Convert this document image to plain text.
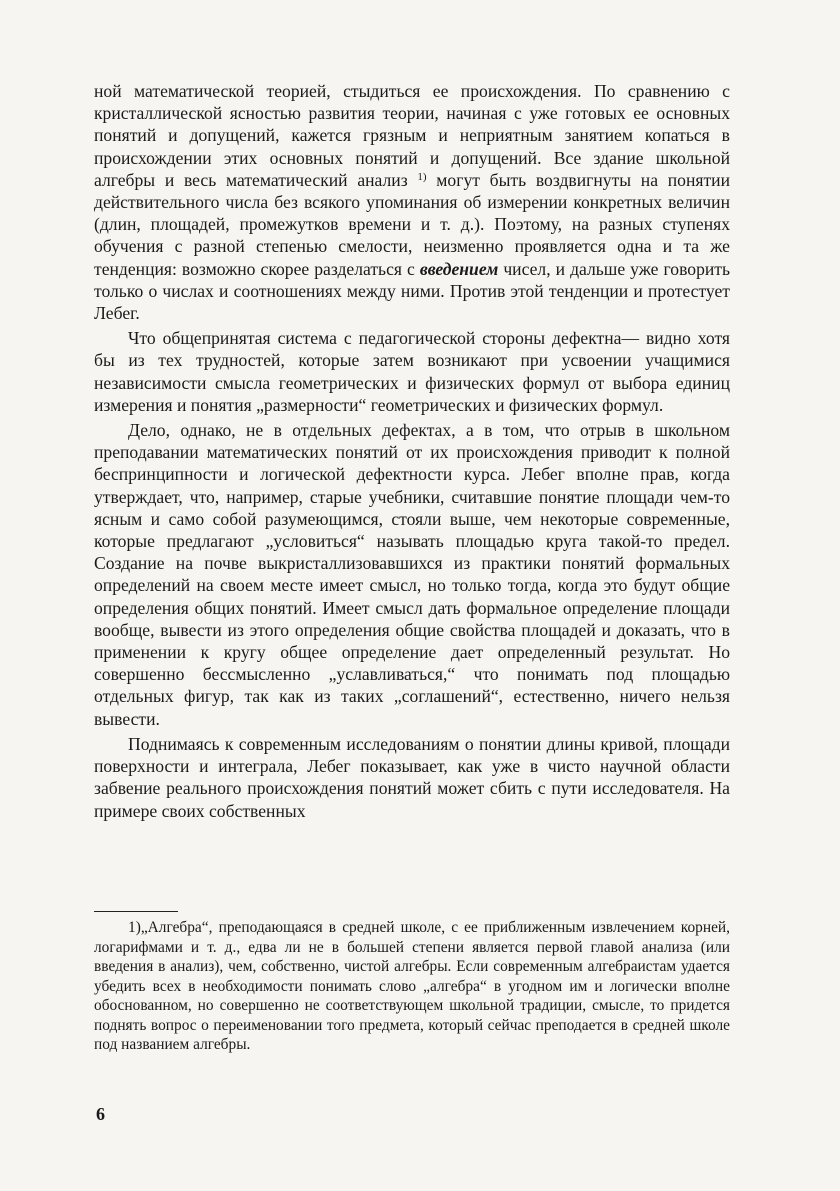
ной математической теорией, стыдиться ее происхождения. По сравнению с кристаллической ясностью развития теории, начиная с уже готовых ее основных понятий и допущений, кажется грязным и неприятным занятием копаться в происхождении этих основных понятий и допущений. Все здание школьной алгебры и весь математический анализ $^{1)}$ могут быть воздвигнуты на понятии действительного числа без всякого упоминания об измерении конкретных величин (длин, площадей, промежутков времени и т. д.). Поэтому, на разных ступенях обучения с разной степенью смелости, неизменно проявляется одна и та же тенденция: возможно скорее разделаться с введением чисел, и дальше уже говорить только о числах и соотношениях между ними. Против этой тенденции и протестует Лебег.

Что общепринятая система с педагогической стороны дефектна— видно хотя бы из тех трудностей, которые затем возникают при усвоении учащимися независимости смысла геометрических и физических формул от выбора единиц измерения и понятия „размерности“ геометрических и физических формул.

Дело, однако, не в отдельных дефектах, а в том, что отрыв в школьном преподавании математических понятий от их происхождения приводит к полной беспринципности и логической дефектности курса. Лебег вполне прав, когда утверждает, что, например, старые учебники, считавшие понятие площади чем-то ясным и само собой разумеющимся, стояли выше, чем некоторые современные, которые предлагают „условиться“ называть площадью круга такой-то предел. Создание на почве выкристаллизовавшихся из практики понятий формальных определений на своем месте имеет смысл, но только тогда, когда это будут общие определения общих понятий. Имеет смысл дать формальное определение площади вообще, вывести из этого определения общие свойства площадей и доказать, что в применении к кругу общее определение дает определенный результат. Но совершенно бессмысленно „уславливаться,“ что понимать под площадью отдельных фигур, так как из таких „соглашений“, естественно, ничего нельзя вывести.

Поднимаясь к современным исследованиям о понятии длины кривой, площади поверхности и интеграла, Лебег показывает, как уже в чисто научной области забвение реального происхождения понятий может сбить с пути исследователя. На примере своих собственных

1)„Алгебра“, преподающаяся в средней школе, с ее приближенным извлечением корней, логарифмами и т. д., едва ли не в большей степени является первой главой анализа (или введения в анализ), чем, собственно, чистой алгебры. Если современным алгебраистам удается убедить всех в необходимости понимать слово „алгебра“ в угодном им и логически вполне обоснованном, но совершенно не соответствующем школьной традиции, смысле, то придется поднять вопрос о переименовании того предмета, который сейчас преподается в средней школе под названием алгебры.

6
